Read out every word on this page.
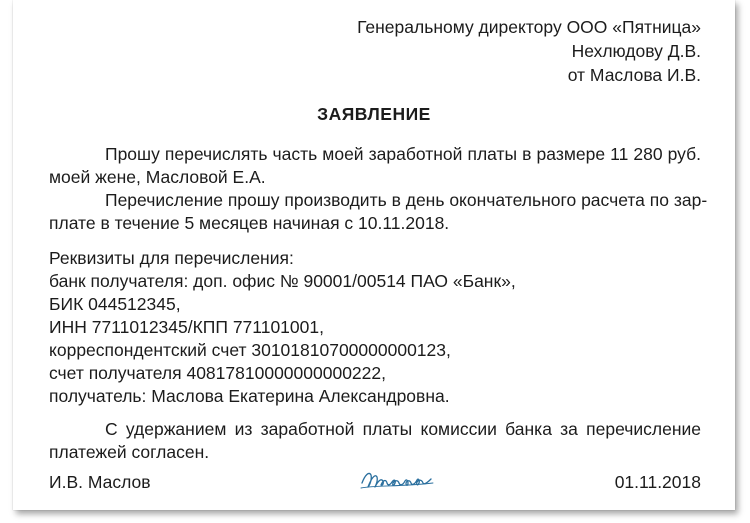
Генеральному директору ООО «Пятница»
Нехлюдову Д.В.
от Маслова И.В.
ЗАЯВЛЕНИЕ
Прошу перечислять часть моей заработной платы в размере 11 280 руб.
моей жене, Масловой Е.А.
Перечисление прошу производить в день окончательного расчета по зар-
плате в течение 5 месяцев начиная с 10.11.2018.
Реквизиты для перечисления:
банк получателя: доп. офис № 90001/00514 ПАО «Банк»,
БИК 044512345,
ИНН 7711012345/КПП 771101001,
корреспондентский счет 30101810700000000123,
счет получателя 40817810000000000222,
получатель: Маслова Екатерина Александровна.
С удержанием из заработной платы комиссии банка за перечисление
платежей согласен.
И.В. Маслов	01.11.2018
